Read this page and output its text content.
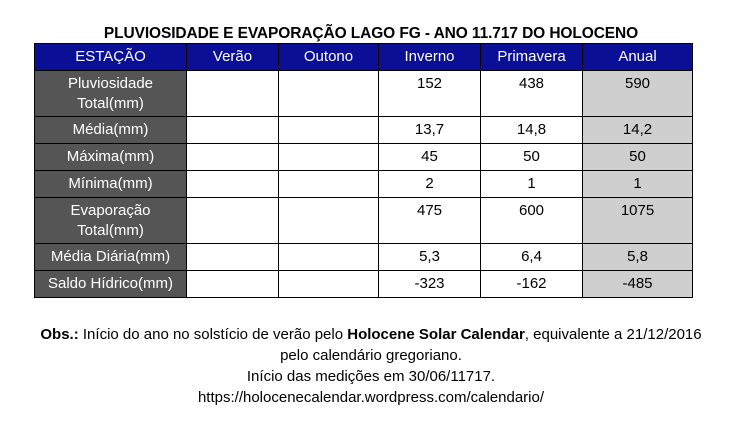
PLUVIOSIDADE E EVAPORAÇÃO LAGO FG - ANO 11.717 DO HOLOCENO
ESTAÇÃO	Verão	Outono	Inverno	Primavera	Anual
Pluviosidade
Total(mm)			152	438	590
Média(mm)			13,7	14,8	14,2
Máxima(mm)			45	50	50
Mínima(mm)			2	1	1
Evaporação
Total(mm)			475	600	1075
Média Diária(mm)			5,3	6,4	5,8
Saldo Hídrico(mm)			-323	-162	-485

Obs.: Início do ano no solstício de verão pelo Holocene Solar Calendar, equivalente a 21/12/2016

pelo calendário gregoriano.

Início das medições em 30/06/11717.

https://holocenecalendar.wordpress.com/calendario/
